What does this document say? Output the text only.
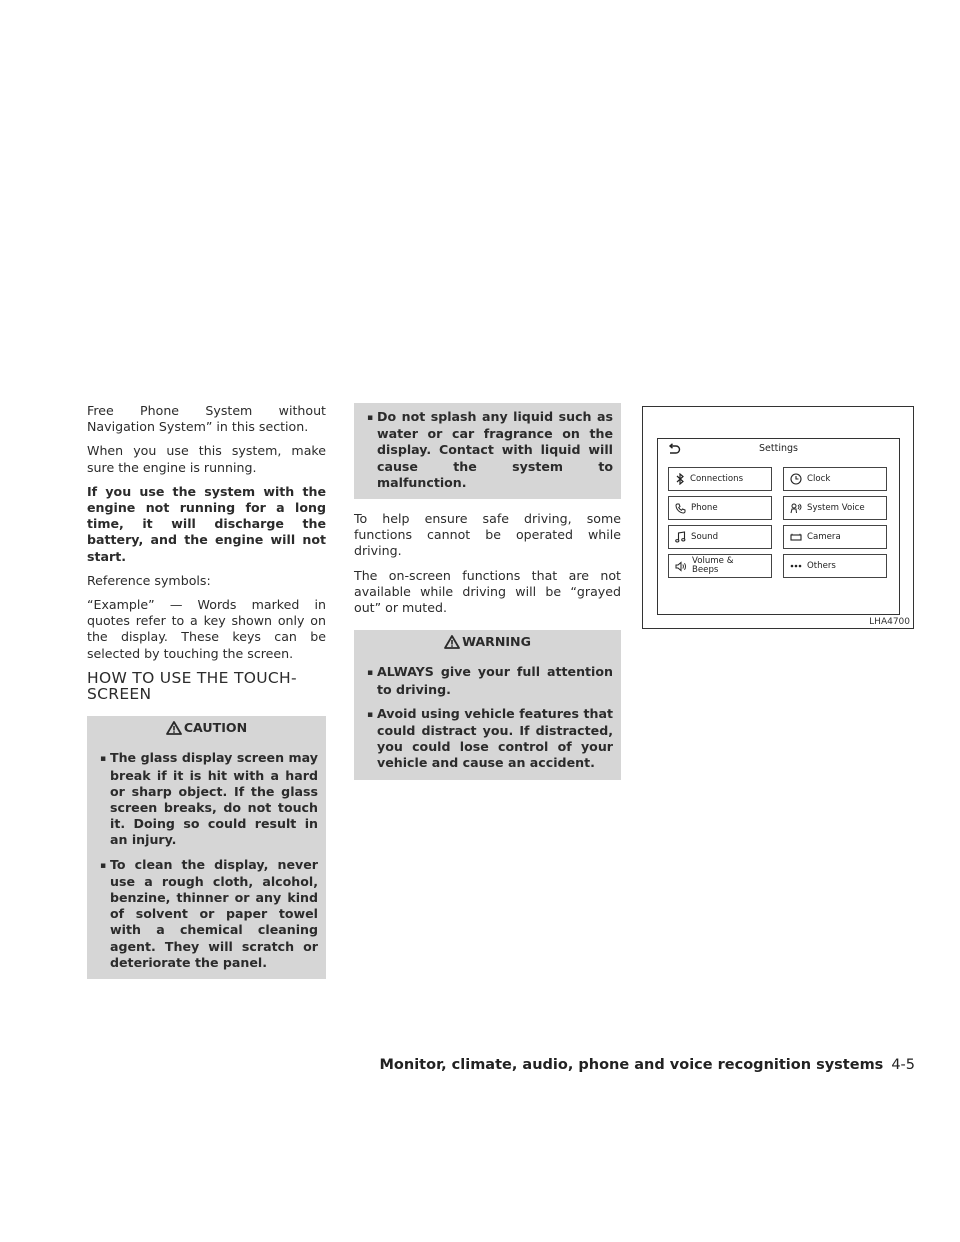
Free Phone System without Navigation System” in this section.

When you use this system, make sure the engine is running.

If you use the system with the engine not running for a long time, it will discharge the battery, and the engine will not start.

Reference symbols:

“Example” — Words marked in quotes refer to a key shown only on the display. These keys can be selected by touching the screen.

HOW TO USE THE TOUCH-SCREEN
CAUTION
▪ The glass display screen may break if it is hit with a hard or sharp object. If the glass screen breaks, do not touch it. Doing so could result in an injury.
▪ To clean the display, never use a rough cloth, alcohol, benzine, thinner or any kind of solvent or paper towel with a chemical cleaning agent. They will scratch or deteriorate the panel.
▪ Do not splash any liquid such as water or car fragrance on the display. Contact with liquid will cause the system to malfunction.

To help ensure safe driving, some functions cannot be operated while driving.

The on-screen functions that are not available while driving will be “grayed out” or muted.

WARNING
▪ ALWAYS give your full attention to driving.
▪ Avoid using vehicle features that could distract you. If distracted, you could lose control of your vehicle and cause an accident.
Settings
Connections	Clock
Phone	System Voice
Sound	Camera
Volume &
Beeps	Others
LHA4700
Monitor, climate, audio, phone and voice recognition systems 4-5
